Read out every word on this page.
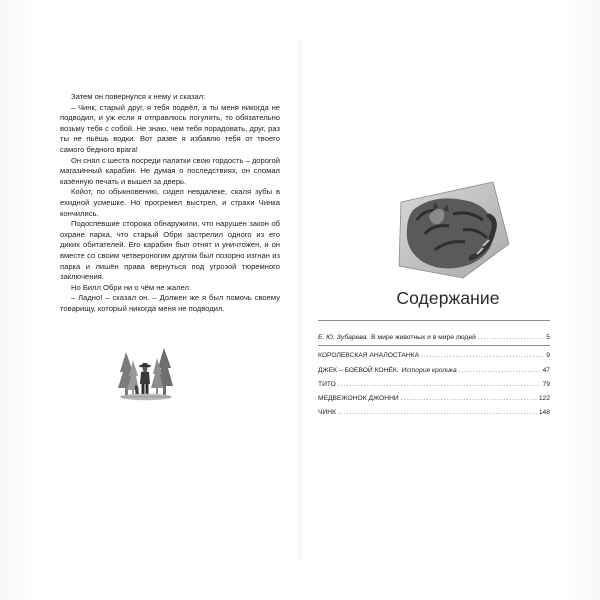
Затем он повернулся к нему и сказал:

– Чинк, старый друг, я тебя подвёл, а ты меня никогда не подводил, и уж если я отправлюсь погулять, то обязательно возьму тебя с собой. Не знаю, чем тебя порадовать, друг, раз ты не пьёшь водки. Вот разве я избавлю тебя от твоего самого бедного врага!

Он снял с шеста посреди палатки свою гордость – дорогой магазинный карабин. Не думая о последствиях, он сломал казённую печать и вышел за дверь.

Койот, по обыкновению, сидел невдалеке, скаля зубы в ехидной усмешке. Но прогремел выстрел, и страхи Чинка кончились.

Подоспевшие сторожа обнаружили, что нарушен закон об охране парка, что старый Обри застрелил одного из его диких обитателей. Его карабин был отнят и уничтожен, и он вместе со своим четвероногим другом был позорно изгнан из парка и лишён права вернуться под угрозой тюремного заключения.

Но Билл Обри ни о чём не жалел.

– Ладно! – сказал он. – Должен же я был помочь своему товарищу, который никогда меня не подводил.

Содержание
Е. Ю. Зубарева. В мире животных и в мире людей .....	5
КОРОЛЕВСКАЯ АНАЛОСТАНКА .....	9
ДЖЕК – БОЕВОЙ КОНЁК. История кролика .....	47
ТИТО .....	79
МЕДВЕЖОНОК ДЖОННИ .....	122
ЧИНК .....	148
